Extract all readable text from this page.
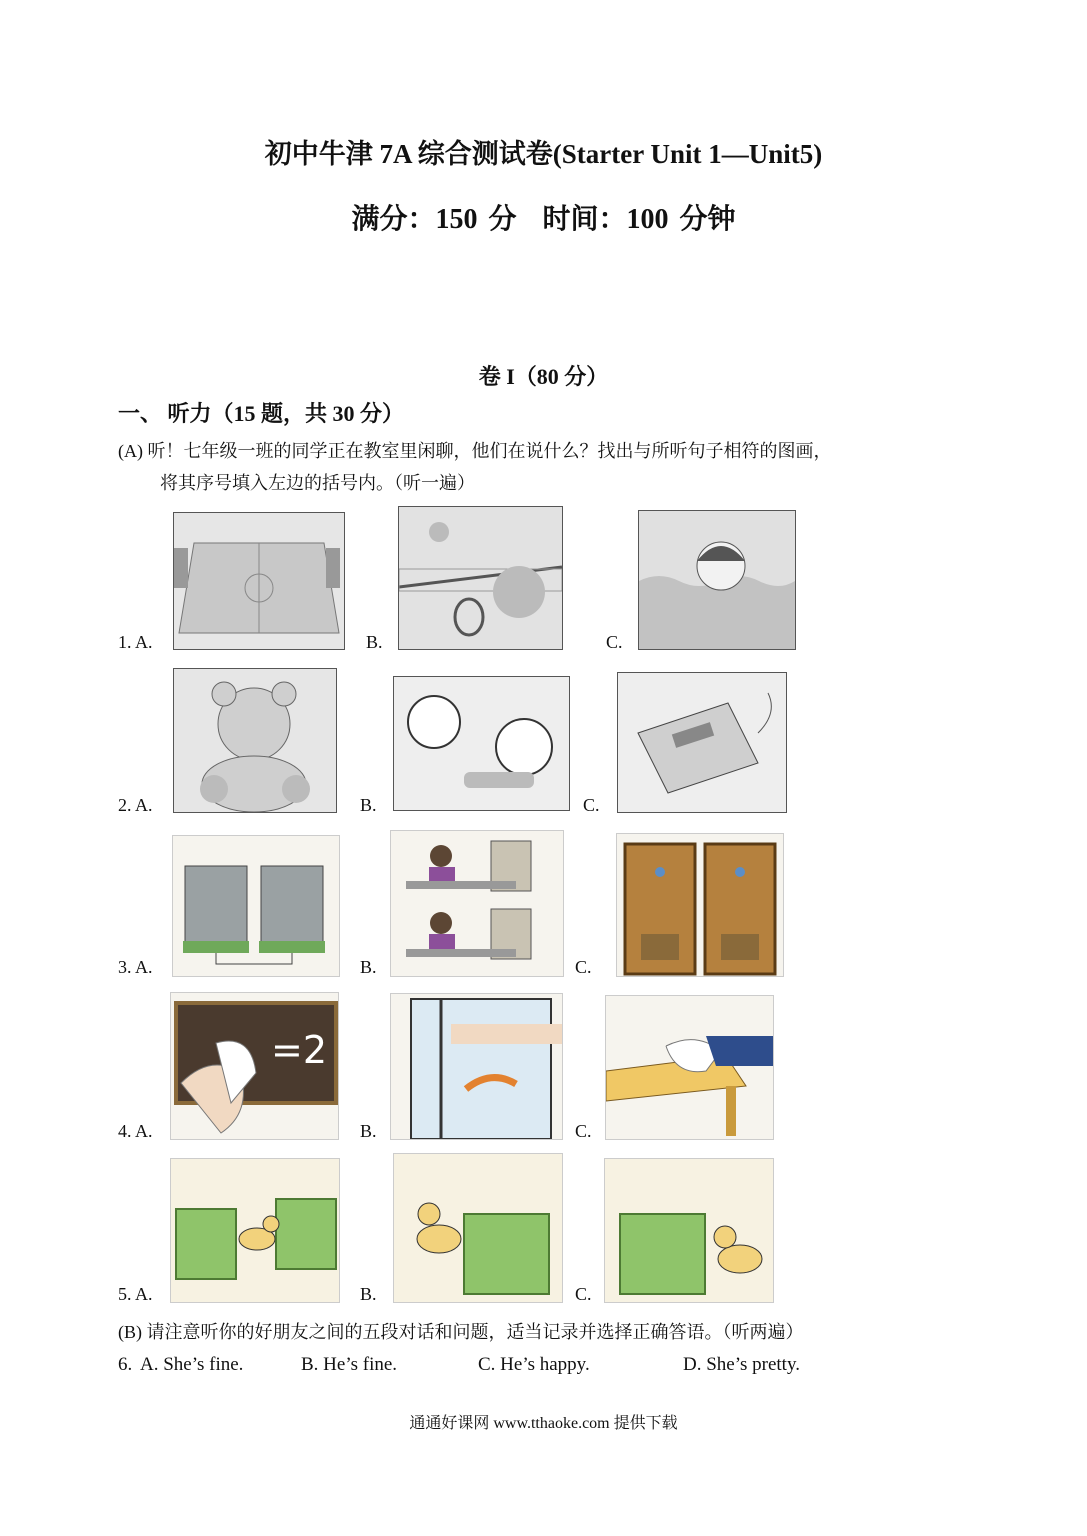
初中牛津 7A 综合测试卷(Starter Unit 1—Unit5)
满分：150 分 时间：100 分钟
卷 I（80 分）
一、 听力（15 题，共 30 分）
(A) 听！七年级一班的同学正在教室里闲聊，他们在说什么？找出与所听句子相符的图画，
将其序号填入左边的括号内。（听一遍）
1. A.	B.	C.
2. A.	B.	C.
3. A.	B.	C.
4. A.
=2
B.	C.
5. A.	B.	C.
(B) 请注意听你的好朋友之间的五段对话和问题，适当记录并选择正确答语。（听两遍）
6. A. She’s fine.	B. He’s fine.	C. He’s happy.	D. She’s pretty.
通通好课网 www.tthaoke.com 提供下载
